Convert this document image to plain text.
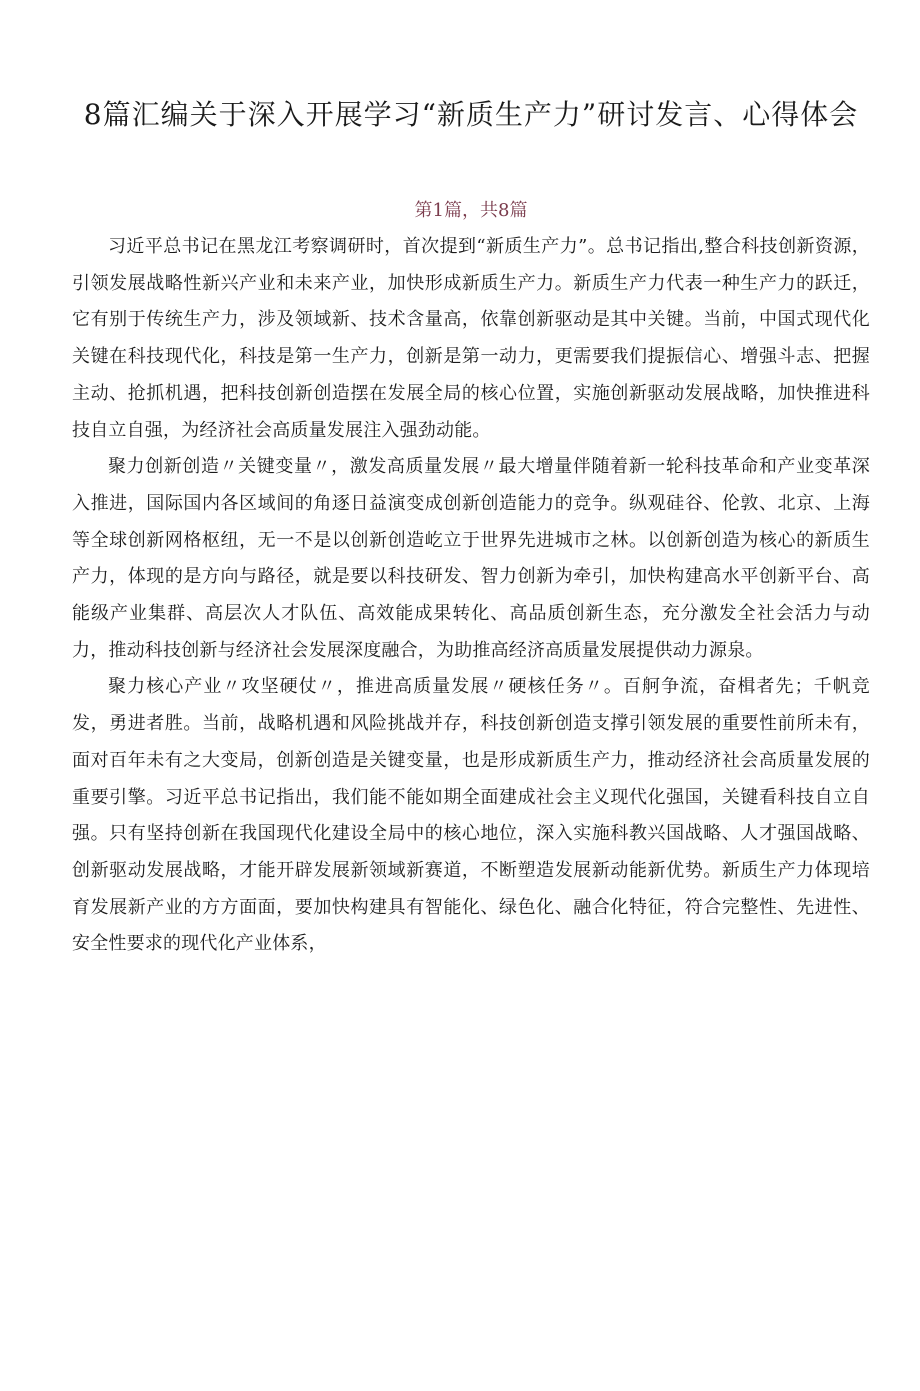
8篇汇编关于深入开展学习“新质生产力”研讨发言、心得体会
第1篇，共8篇

习近平总书记在黑龙江考察调研时，首次提到“新质生产力”。总书记指出,整合科技创新资源，引领发展战略性新兴产业和未来产业，加快形成新质生产力。新质生产力代表一种生产力的跃迁，它有别于传统生产力，涉及领域新、技术含量高，依靠创新驱动是其中关键。当前，中国式现代化关键在科技现代化，科技是第一生产力，创新是第一动力，更需要我们提振信心、增强斗志、把握主动、抢抓机遇，把科技创新创造摆在发展全局的核心位置，实施创新驱动发展战略，加快推进科技自立自强，为经济社会高质量发展注入强劲动能。

聚力创新创造〃关键变量〃，激发高质量发展〃最大增量伴随着新一轮科技革命和产业变革深入推进，国际国内各区域间的角逐日益演变成创新创造能力的竞争。纵观硅谷、伦敦、北京、上海等全球创新网格枢纽，无一不是以创新创造屹立于世界先进城市之林。以创新创造为核心的新质生产力，体现的是方向与路径，就是要以科技研发、智力创新为牵引，加快构建高水平创新平台、高能级产业集群、高层次人才队伍、高效能成果转化、高品质创新生态，充分激发全社会活力与动力，推动科技创新与经济社会发展深度融合，为助推高经济高质量发展提供动力源泉。

聚力核心产业〃攻坚硬仗〃，推进高质量发展〃硬核任务〃。百舸争流，奋楫者先；千帆竞发，勇进者胜。当前，战略机遇和风险挑战并存，科技创新创造支撑引领发展的重要性前所未有，面对百年未有之大变局，创新创造是关键变量，也是形成新质生产力，推动经济社会高质量发展的重要引擎。习近平总书记指出，我们能不能如期全面建成社会主义现代化强国，关键看科技自立自强。只有坚持创新在我国现代化建设全局中的核心地位，深入实施科教兴国战略、人才强国战略、创新驱动发展战略，才能开辟发展新领域新赛道，不断塑造发展新动能新优势。新质生产力体现培育发展新产业的方方面面，要加快构建具有智能化、绿色化、融合化特征，符合完整性、先进性、安全性要求的现代化产业体系，
